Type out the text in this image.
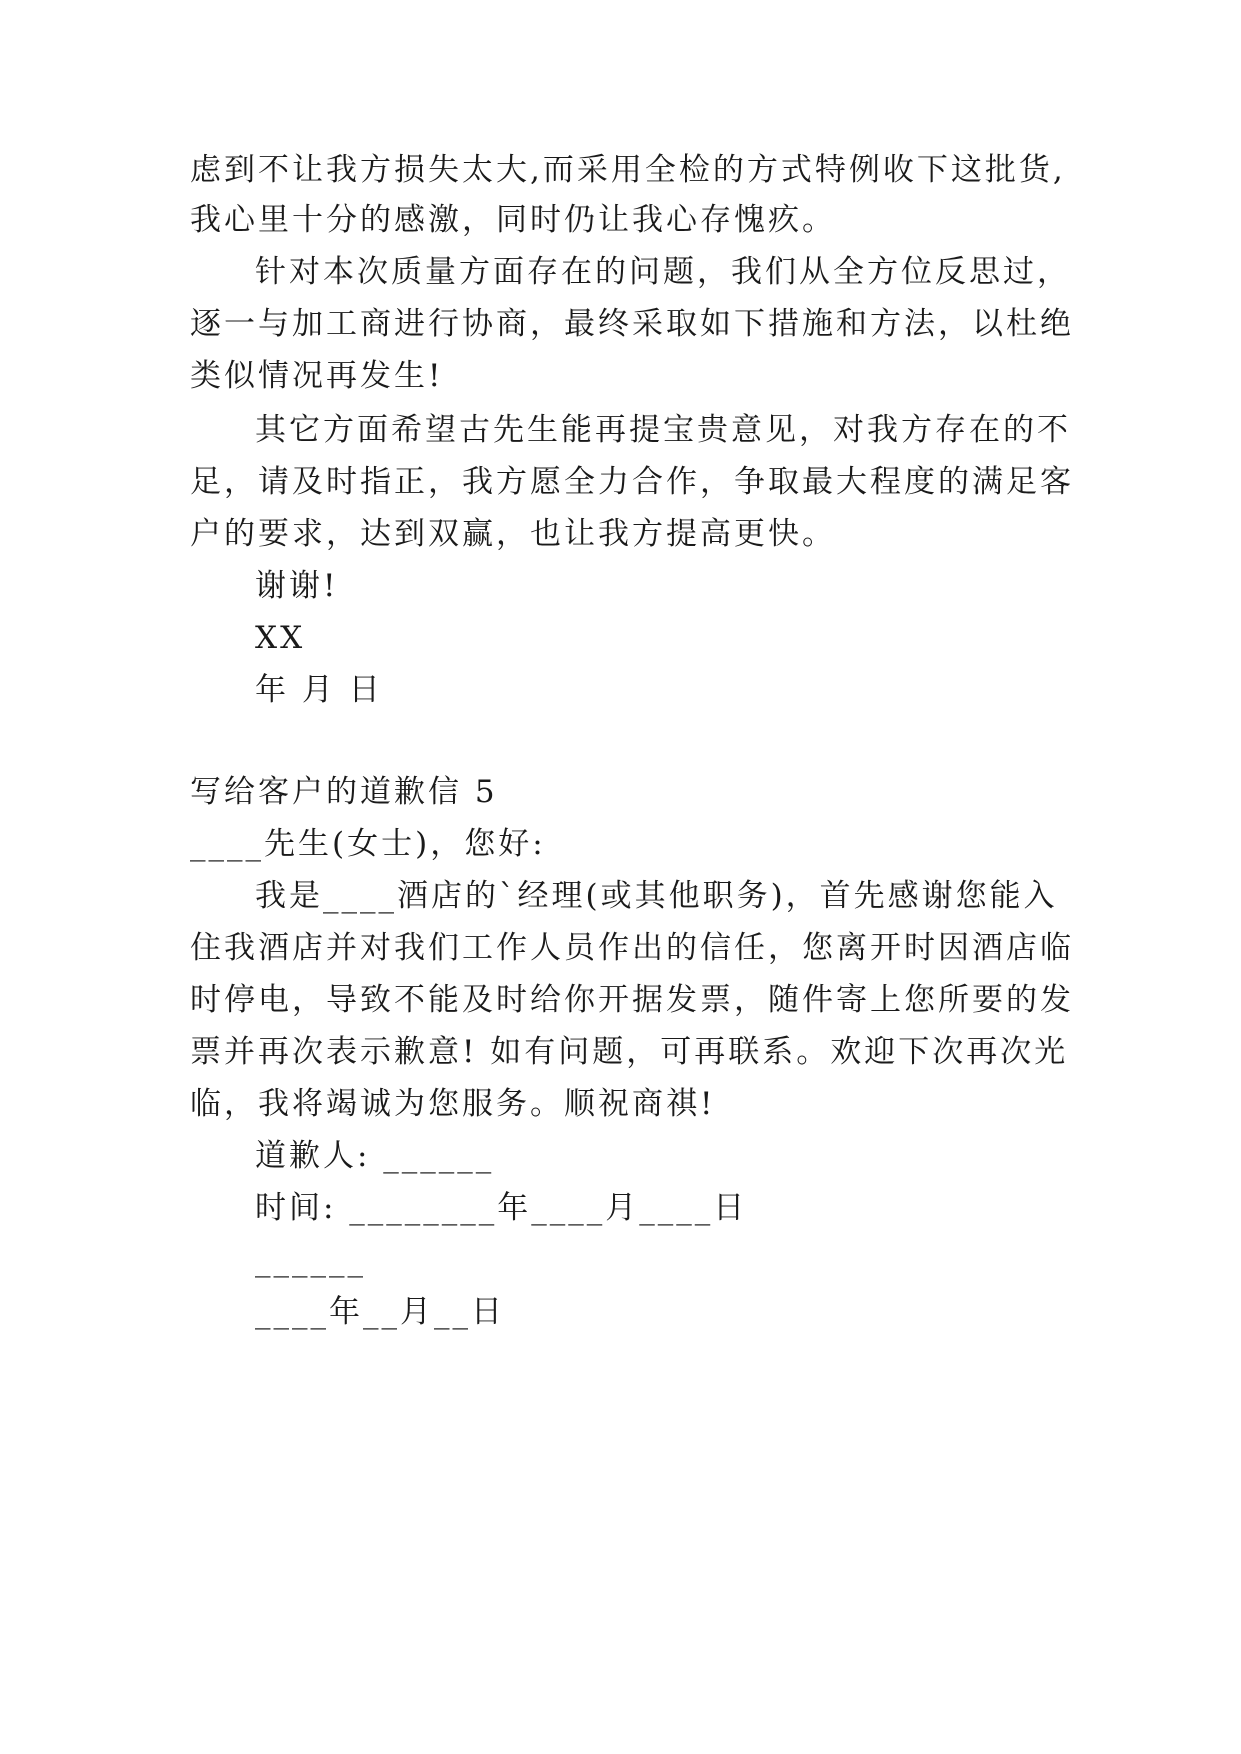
虑到不让我方损失太大,而采用全检的方式特例收下这批货,
我心里十分的感激，同时仍让我心存愧疚。
针对本次质量方面存在的问题，我们从全方位反思过，
逐一与加工商进行协商，最终采取如下措施和方法，以杜绝
类似情况再发生!
其它方面希望古先生能再提宝贵意见，对我方存在的不
足，请及时指正，我方愿全力合作，争取最大程度的满足客
户的要求，达到双赢，也让我方提高更快。
谢谢!
XX
年 月 日
写给客户的道歉信 5
____先生(女士)，您好:
我是____酒店的`经理(或其他职务)，首先感谢您能入
住我酒店并对我们工作人员作出的信任，您离开时因酒店临
时停电，导致不能及时给你开据发票，随件寄上您所要的发
票并再次表示歉意! 如有问题，可再联系。欢迎下次再次光
临，我将竭诚为您服务。顺祝商祺!
道歉人: ______
时间: ________年____月____日
______
____年__月__日
